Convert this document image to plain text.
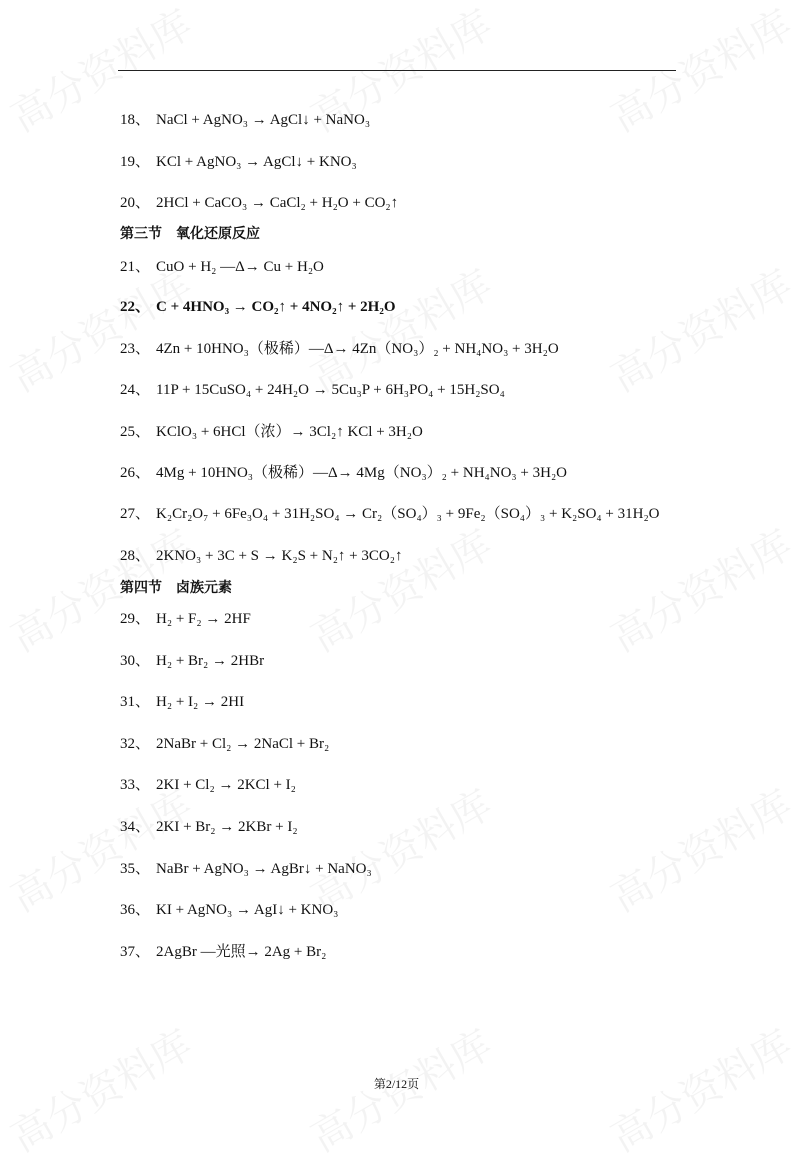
18、 NaCl + AgNO₃ → AgCl↓ + NaNO₃
19、 KCl + AgNO₃ → AgCl↓ + KNO₃
20、 2HCl + CaCO₃ → CaCl₂ + H₂O + CO₂↑
第三节　氧化还原反应
21、 CuO + H₂ —Δ→ Cu + H₂O
22、 C + 4HNO₃ → CO₂↑ + 4NO₂↑ + 2H₂O
23、 4Zn + 10HNO₃（极稀）—Δ→ 4Zn（NO₃）₂ + NH₄NO₃ + 3H₂O
24、 11P + 15CuSO₄ + 24H₂O → 5Cu₃P + 6H₃PO₄ + 15H₂SO₄
25、 KClO₃ + 6HCl（浓）→ 3Cl₂↑ KCl + 3H₂O
26、 4Mg + 10HNO₃（极稀）—Δ→ 4Mg（NO₃）₂ + NH₄NO₃ + 3H₂O
27、 K₂Cr₂O₇ + 6Fe₃O₄ + 31H₂SO₄ → Cr₂（SO₄）₃ + 9Fe₂（SO₄）₃ + K₂SO₄ + 31H₂O
28、 2KNO₃ + 3C + S → K₂S + N₂↑ + 3CO₂↑
第四节　卤族元素
29、 H₂ + F₂ → 2HF
30、 H₂ + Br₂ → 2HBr
31、 H₂ + I₂ → 2HI
32、 2NaBr + Cl₂ → 2NaCl + Br₂
33、 2KI + Cl₂ → 2KCl + I₂
34、 2KI + Br₂ → 2KBr + I₂
35、 NaBr + AgNO₃ → AgBr↓ + NaNO₃
36、 KI + AgNO₃ → AgI↓ + KNO₃
37、 2AgBr —光照→ 2Ag + Br₂
第2/12页
